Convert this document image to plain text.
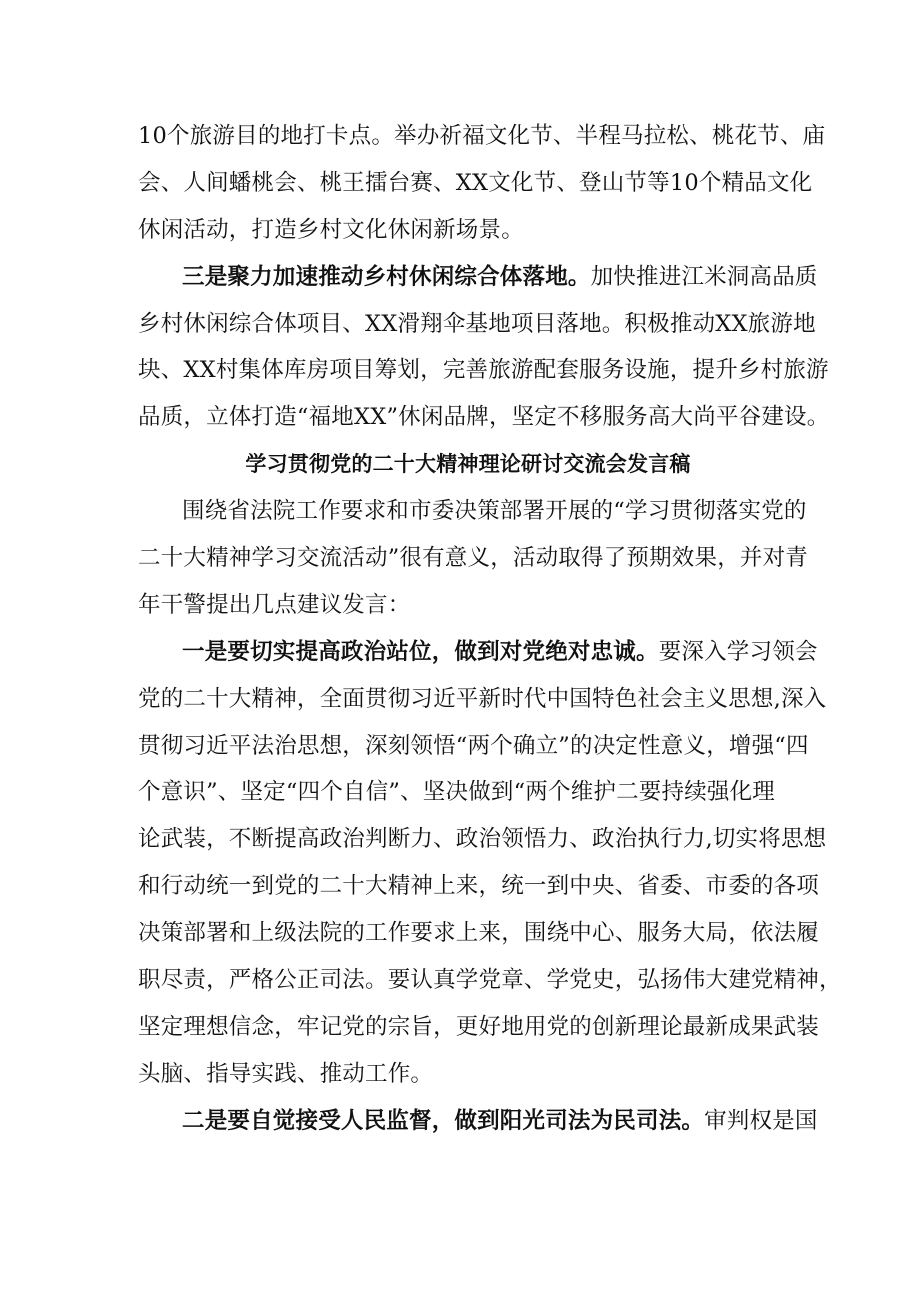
10个旅游目的地打卡点。举办祈福文化节、半程马拉松、桃花节、庙
会、人间蟠桃会、桃王擂台赛、XX文化节、登山节等10个精品文化
休闲活动，打造乡村文化休闲新场景。
三是聚力加速推动乡村休闲综合体落地。加快推进江米洞高品质
乡村休闲综合体项目、XX滑翔伞基地项目落地。积极推动XX旅游地
块、XX村集体库房项目筹划，完善旅游配套服务设施，提升乡村旅游
品质，立体打造“福地XX”休闲品牌，坚定不移服务高大尚平谷建设。
学习贯彻党的二十大精神理论研讨交流会发言稿
围绕省法院工作要求和市委决策部署开展的“学习贯彻落实党的
二十大精神学习交流活动”很有意义，活动取得了预期效果，并对青
年干警提出几点建议发言：
一是要切实提高政治站位，做到对党绝对忠诚。要深入学习领会
党的二十大精神，全面贯彻习近平新时代中国特色社会主义思想,深入
贯彻习近平法治思想，深刻领悟“两个确立”的决定性意义，增强“四
个意识”、坚定“四个自信”、坚决做到“两个维护二要持续强化理
论武装，不断提高政治判断力、政治领悟力、政治执行力,切实将思想
和行动统一到党的二十大精神上来，统一到中央、省委、市委的各项
决策部署和上级法院的工作要求上来，围绕中心、服务大局，依法履
职尽责，严格公正司法。要认真学党章、学党史，弘扬伟大建党精神，
坚定理想信念，牢记党的宗旨，更好地用党的创新理论最新成果武装
头脑、指导实践、推动工作。
二是要自觉接受人民监督，做到阳光司法为民司法。审判权是国
